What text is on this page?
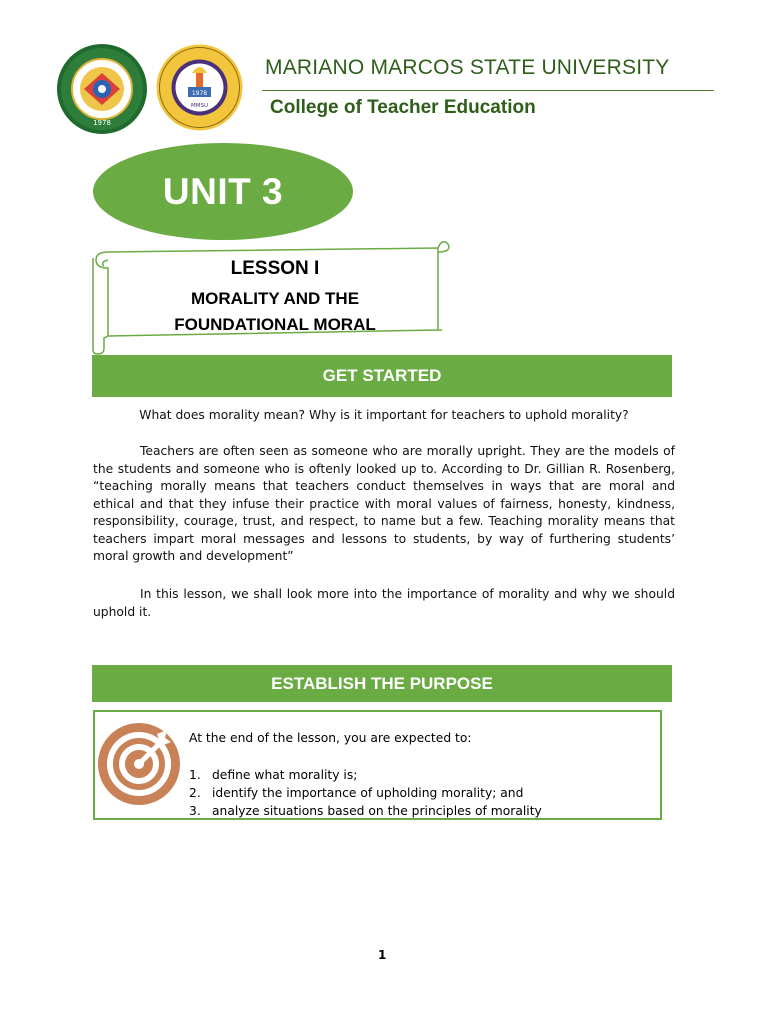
1978
1978
MMSU
MARIANO MARCOS STATE UNIVERSITY
College of Teacher Education
UNIT 3
LESSON I
MORALITY AND THE
FOUNDATIONAL MORAL
GET STARTED
What does morality mean? Why is it important for teachers to uphold morality?
Teachers are often seen as someone who are morally upright. They are the models of the students and someone who is oftenly looked up to. According to Dr. Gillian R. Rosenberg, “teaching morally means that teachers conduct themselves in ways that are moral and ethical and that they infuse their practice with moral values of fairness, honesty, kindness, responsibility, courage, trust, and respect, to name but a few. Teaching morality means that teachers impart moral messages and lessons to students, by way of furthering students’ moral growth and development”
In this lesson, we shall look more into the importance of morality and why we should uphold it.
ESTABLISH THE PURPOSE
At the end of the lesson, you are expected to:
1. define what morality is;
2. identify the importance of upholding morality; and
3. analyze situations based on the principles of morality
1
